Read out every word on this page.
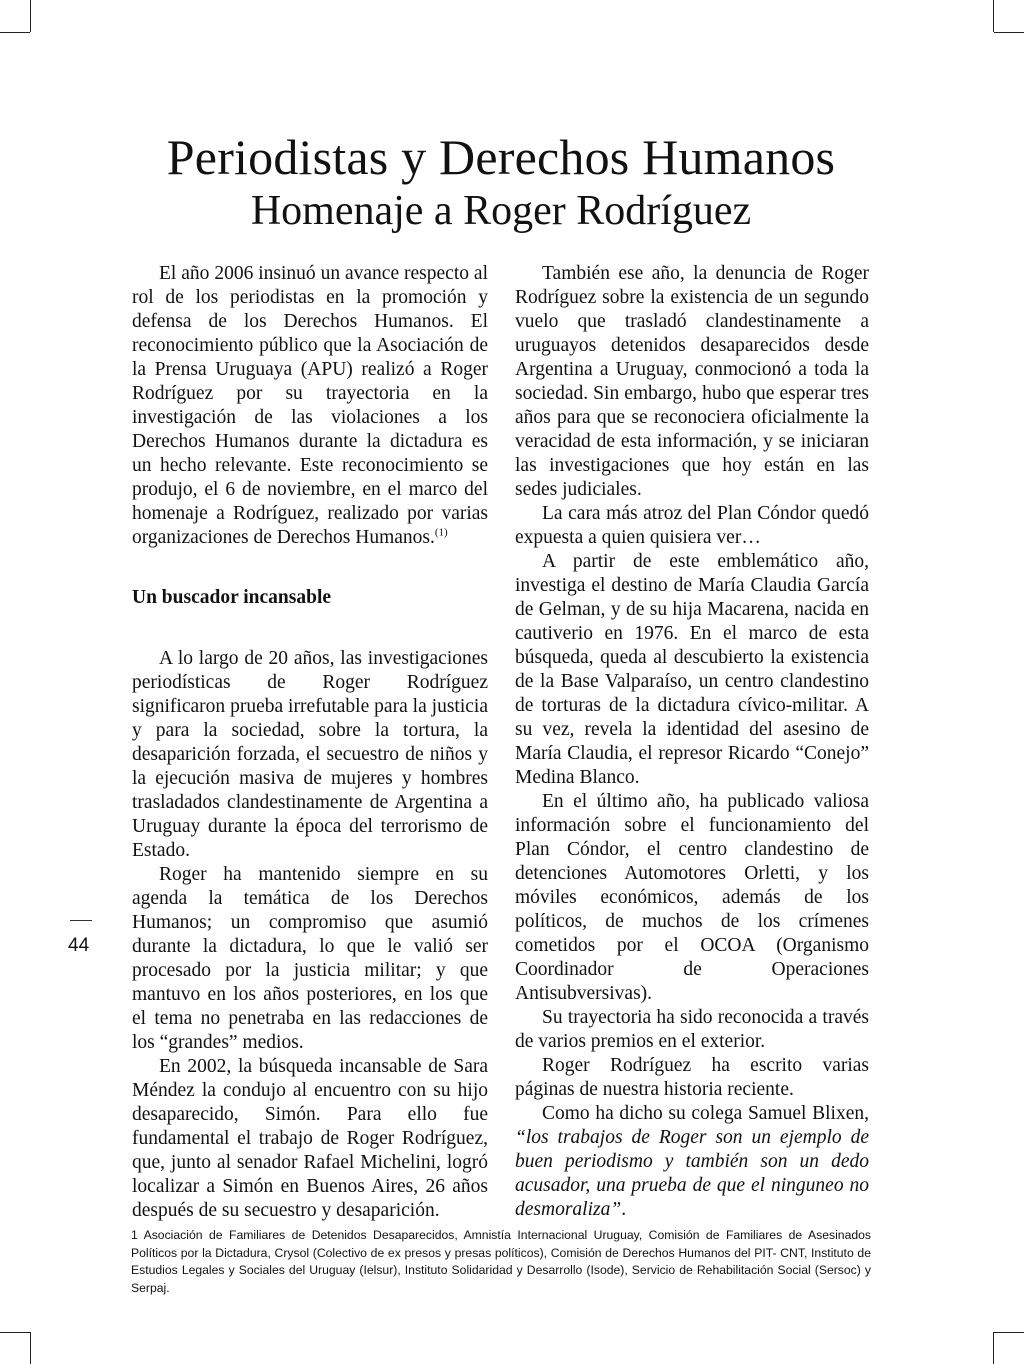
Periodistas y Derechos Humanos
Homenaje a Roger Rodríguez

El año 2006 insinuó un avance respecto al rol de los periodistas en la promoción y defensa de los Derechos Humanos. El reconocimiento público que la Asociación de la Prensa Uruguaya (APU) realizó a Roger Rodríguez por su trayectoria en la investigación de las violaciones a los Derechos Humanos durante la dictadura es un hecho relevante. Este reconocimiento se produjo, el 6 de noviembre, en el marco del homenaje a Rodríguez, realizado por varias organizaciones de Derechos Humanos.$^{(1)}$

Un buscador incansable

A lo largo de 20 años, las investigaciones periodísticas de Roger Rodríguez significaron prueba irrefutable para la justicia y para la sociedad, sobre la tortura, la desaparición forzada, el secuestro de niños y la ejecución masiva de mujeres y hombres trasladados clandestinamente de Argentina a Uruguay durante la época del terrorismo de Estado.

Roger ha mantenido siempre en su agenda la temática de los Derechos Humanos; un compromiso que asumió durante la dictadura, lo que le valió ser procesado por la justicia militar; y que mantuvo en los años posteriores, en los que el tema no penetraba en las redacciones de los “grandes” medios.

En 2002, la búsqueda incansable de Sara Méndez la condujo al encuentro con su hijo desaparecido, Simón. Para ello fue fundamental el trabajo de Roger Rodríguez, que, junto al senador Rafael Michelini, logró localizar a Simón en Buenos Aires, 26 años después de su secuestro y desaparición.

También ese año, la denuncia de Roger Rodríguez sobre la existencia de un segundo vuelo que trasladó clandestinamente a uruguayos detenidos desaparecidos desde Argentina a Uruguay, conmocionó a toda la sociedad. Sin embargo, hubo que esperar tres años para que se reconociera oficialmente la veracidad de esta información, y se iniciaran las investigaciones que hoy están en las sedes judiciales.

La cara más atroz del Plan Cóndor quedó expuesta a quien quisiera ver…

A partir de este emblemático año, investiga el destino de María Claudia García de Gelman, y de su hija Macarena, nacida en cautiverio en 1976. En el marco de esta búsqueda, queda al descubierto la existencia de la Base Valparaíso, un centro clandestino de torturas de la dictadura cívico-militar. A su vez, revela la identidad del asesino de María Claudia, el represor Ricardo “Conejo” Medina Blanco.

En el último año, ha publicado valiosa información sobre el funcionamiento del Plan Cóndor, el centro clandestino de detenciones Automotores Orletti, y los móviles económicos, además de los políticos, de muchos de los crímenes cometidos por el OCOA (Organismo Coordinador de Operaciones Antisubversivas).

Su trayectoria ha sido reconocida a través de varios premios en el exterior.

Roger Rodríguez ha escrito varias páginas de nuestra historia reciente.

Como ha dicho su colega Samuel Blixen, “los trabajos de Roger son un ejemplo de buen periodismo y también son un dedo acusador, una prueba de que el ninguneo no desmoraliza”.

44
1 Asociación de Familiares de Detenidos Desaparecidos, Amnistía Internacional Uruguay, Comisión de Familiares de Asesinados Políticos por la Dictadura, Crysol (Colectivo de ex presos y presas políticos), Comisión de Derechos Humanos del PIT- CNT, Instituto de Estudios Legales y Sociales del Uruguay (Ielsur), Instituto Solidaridad y Desarrollo (Isode), Servicio de Rehabilitación Social (Sersoc) y Serpaj.
